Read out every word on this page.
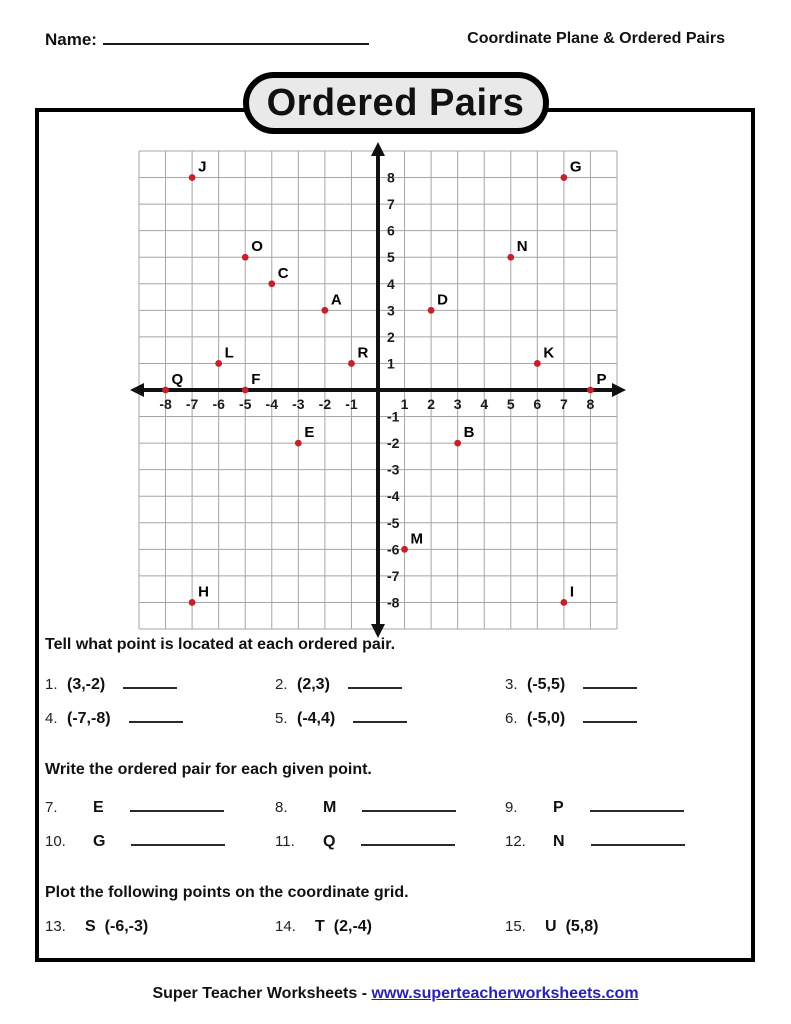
Name:	Coordinate Plane & Ordered Pairs
Ordered Pairs
-8
-8
-7
-7
-6
-6
-5
-5
-4
-4
-3
-3
-2
-2
-1
-1
1
1
2
2
3
3
4
4
5
5
6
6
7
7
8
8
J	G
O	N
C
A	D
L	R	K
Q	F	P
E	B
M
H	I
Tell what point is located at each ordered pair.
1. (3,-2)	2. (2,3)	3. (-5,5)
4. (-7,-8)	5. (-4,4)	6. (-5,0)
Write the ordered pair for each given point.
7. E	8. M	9. P
10. G	11. Q	12. N
Plot the following points on the coordinate grid.
13. S (-6,-3)	14. T (2,-4)	15. U (5,8)
Super Teacher Worksheets - www.superteacherworksheets.com
